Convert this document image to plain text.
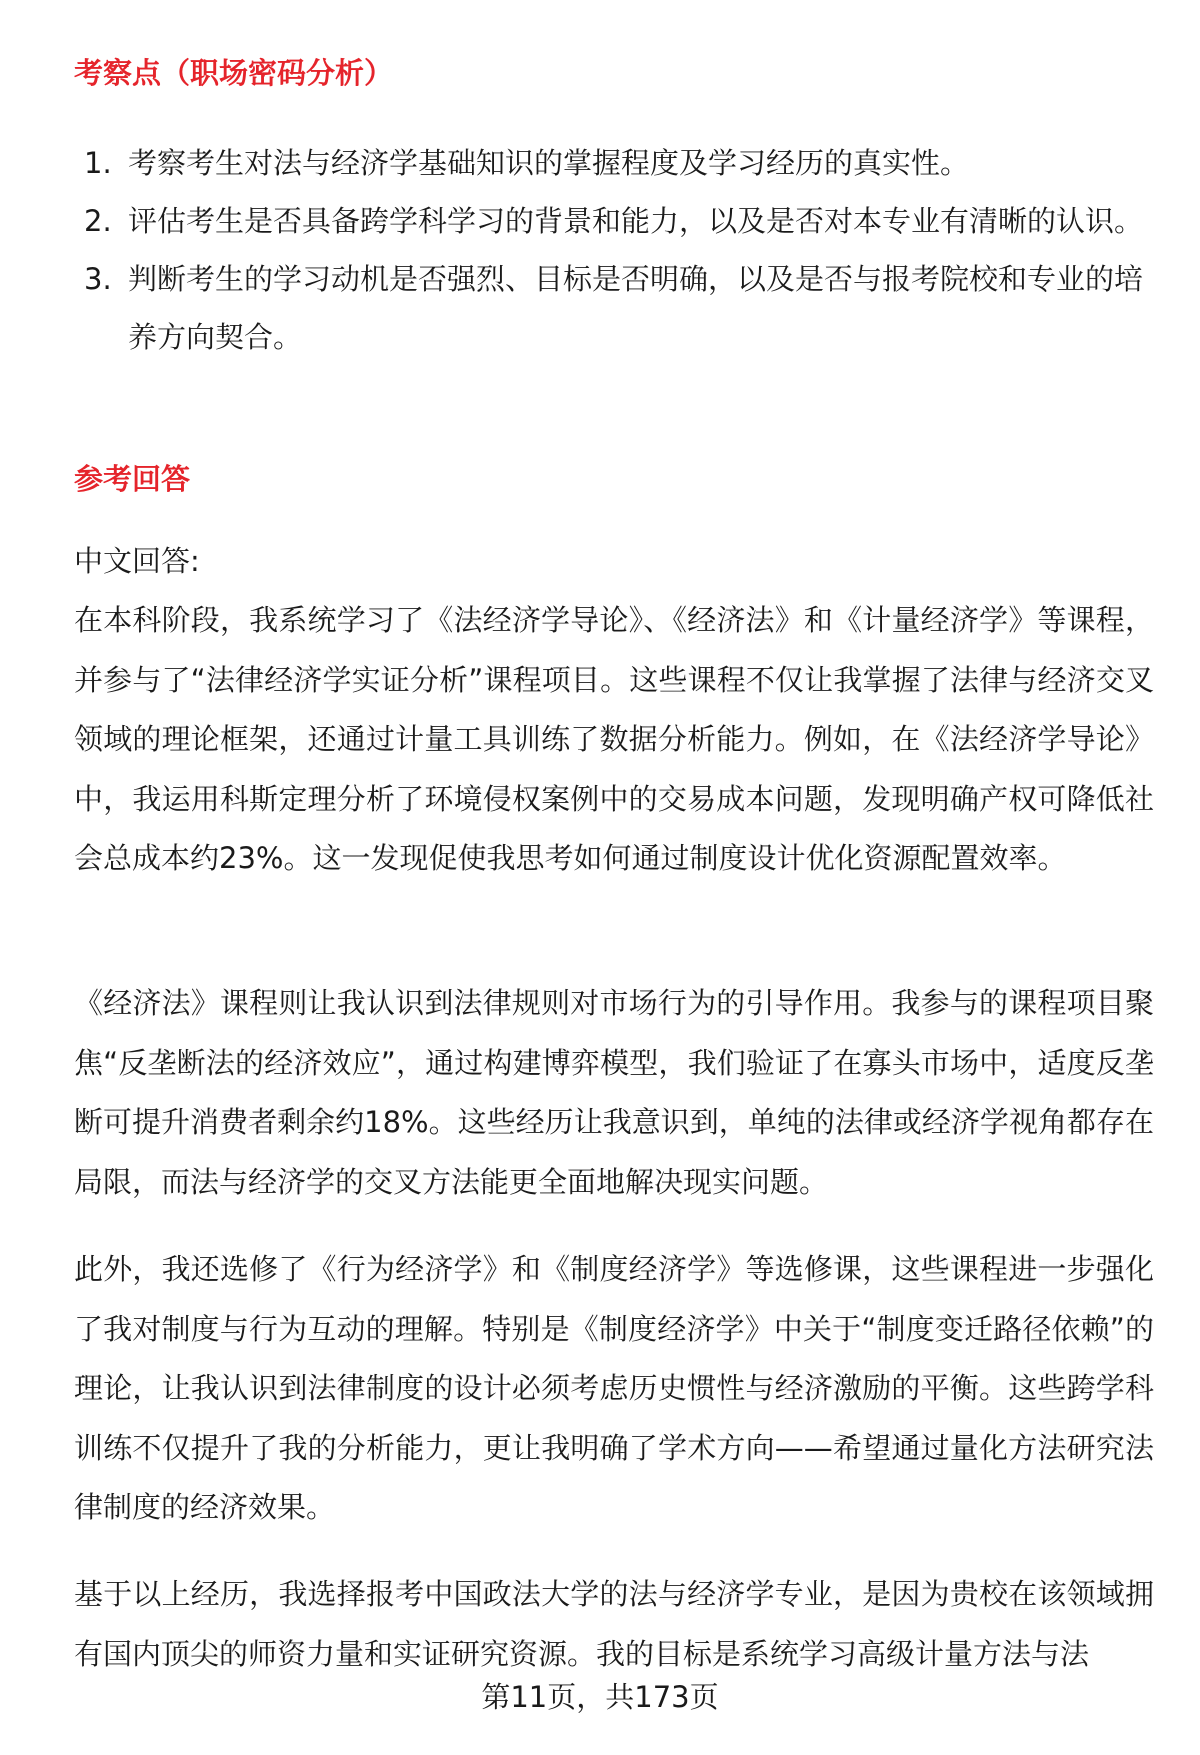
考察点（职场密码分析）
1. 考察考生对法与经济学基础知识的掌握程度及学习经历的真实性。
2. 评估考生是否具备跨学科学习的背景和能力，以及是否对本专业有清晰的认识。
3. 判断考生的学习动机是否强烈、目标是否明确，以及是否与报考院校和专业的培养方向契合。
参考回答

中文回答:

在本科阶段，我系统学习了《法经济学导论》、《经济法》和《计量经济学》等课程，并参与了“法律经济学实证分析”课程项目。这些课程不仅让我掌握了法律与经济交叉领域的理论框架，还通过计量工具训练了数据分析能力。例如，在《法经济学导论》中，我运用科斯定理分析了环境侵权案例中的交易成本问题，发现明确产权可降低社会总成本约23%。这一发现促使我思考如何通过制度设计优化资源配置效率。

《经济法》课程则让我认识到法律规则对市场行为的引导作用。我参与的课程项目聚焦“反垄断法的经济效应”，通过构建博弈模型，我们验证了在寡头市场中，适度反垄断可提升消费者剩余约18%。这些经历让我意识到，单纯的法律或经济学视角都存在局限，而法与经济学的交叉方法能更全面地解决现实问题。

此外，我还选修了《行为经济学》和《制度经济学》等选修课，这些课程进一步强化了我对制度与行为互动的理解。特别是《制度经济学》中关于“制度变迁路径依赖”的理论，让我认识到法律制度的设计必须考虑历史惯性与经济激励的平衡。这些跨学科训练不仅提升了我的分析能力，更让我明确了学术方向——希望通过量化方法研究法律制度的经济效果。

基于以上经历，我选择报考中国政法大学的法与经济学专业，是因为贵校在该领域拥有国内顶尖的师资力量和实证研究资源。我的目标是系统学习高级计量方法与法

第11页，共173页
